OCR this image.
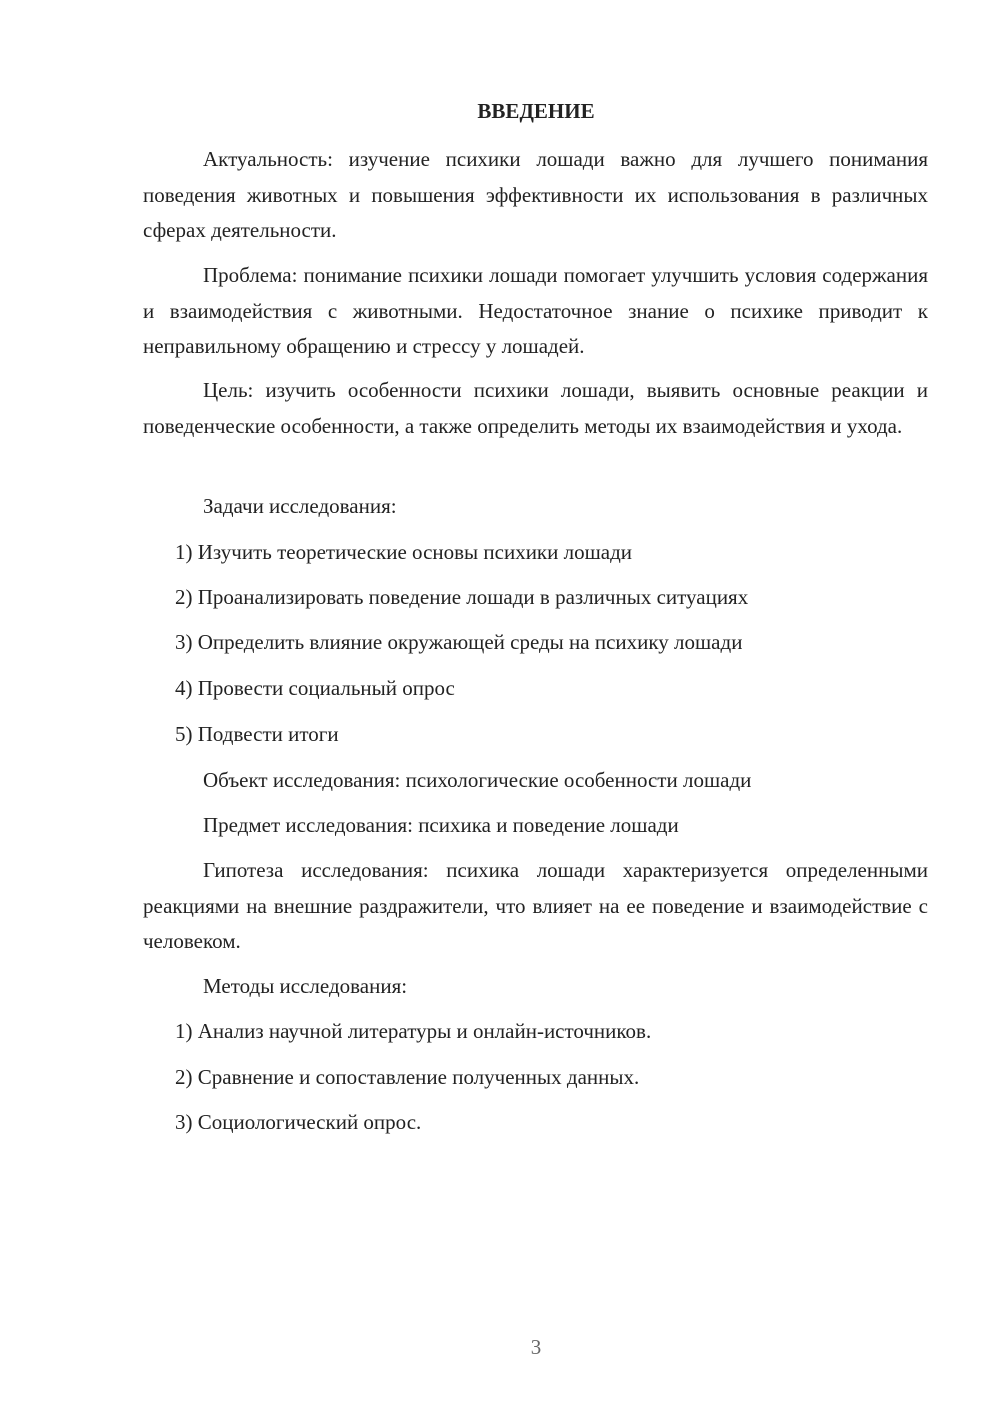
ВВЕДЕНИЕ

Актуальность: изучение психики лошади важно для лучшего понимания поведения животных и повышения эффективности их использования в различных сферах деятельности.

Проблема: понимание психики лошади помогает улучшить условия содержания и взаимодействия с животными. Недостаточное знание о психике приводит к неправильному обращению и стрессу у лошадей.

Цель: изучить особенности психики лошади, выявить основные реакции и поведенческие особенности, а также определить методы их взаимодействия и ухода.

Задачи исследования:
1) Изучить теоретические основы психики лошади
2) Проанализировать поведение лошади в различных ситуациях
3) Определить влияние окружающей среды на психику лошади
4) Провести социальный опрос
5) Подвести итоги
Объект исследования: психологические особенности лошади
Предмет исследования: психика и поведение лошади

Гипотеза исследования: психика лошади характеризуется определенными реакциями на внешние раздражители, что влияет на ее поведение и взаимодействие с человеком.

Методы исследования:
1) Анализ научной литературы и онлайн-источников.
2) Сравнение и сопоставление полученных данных.
3) Социологический опрос.
3
